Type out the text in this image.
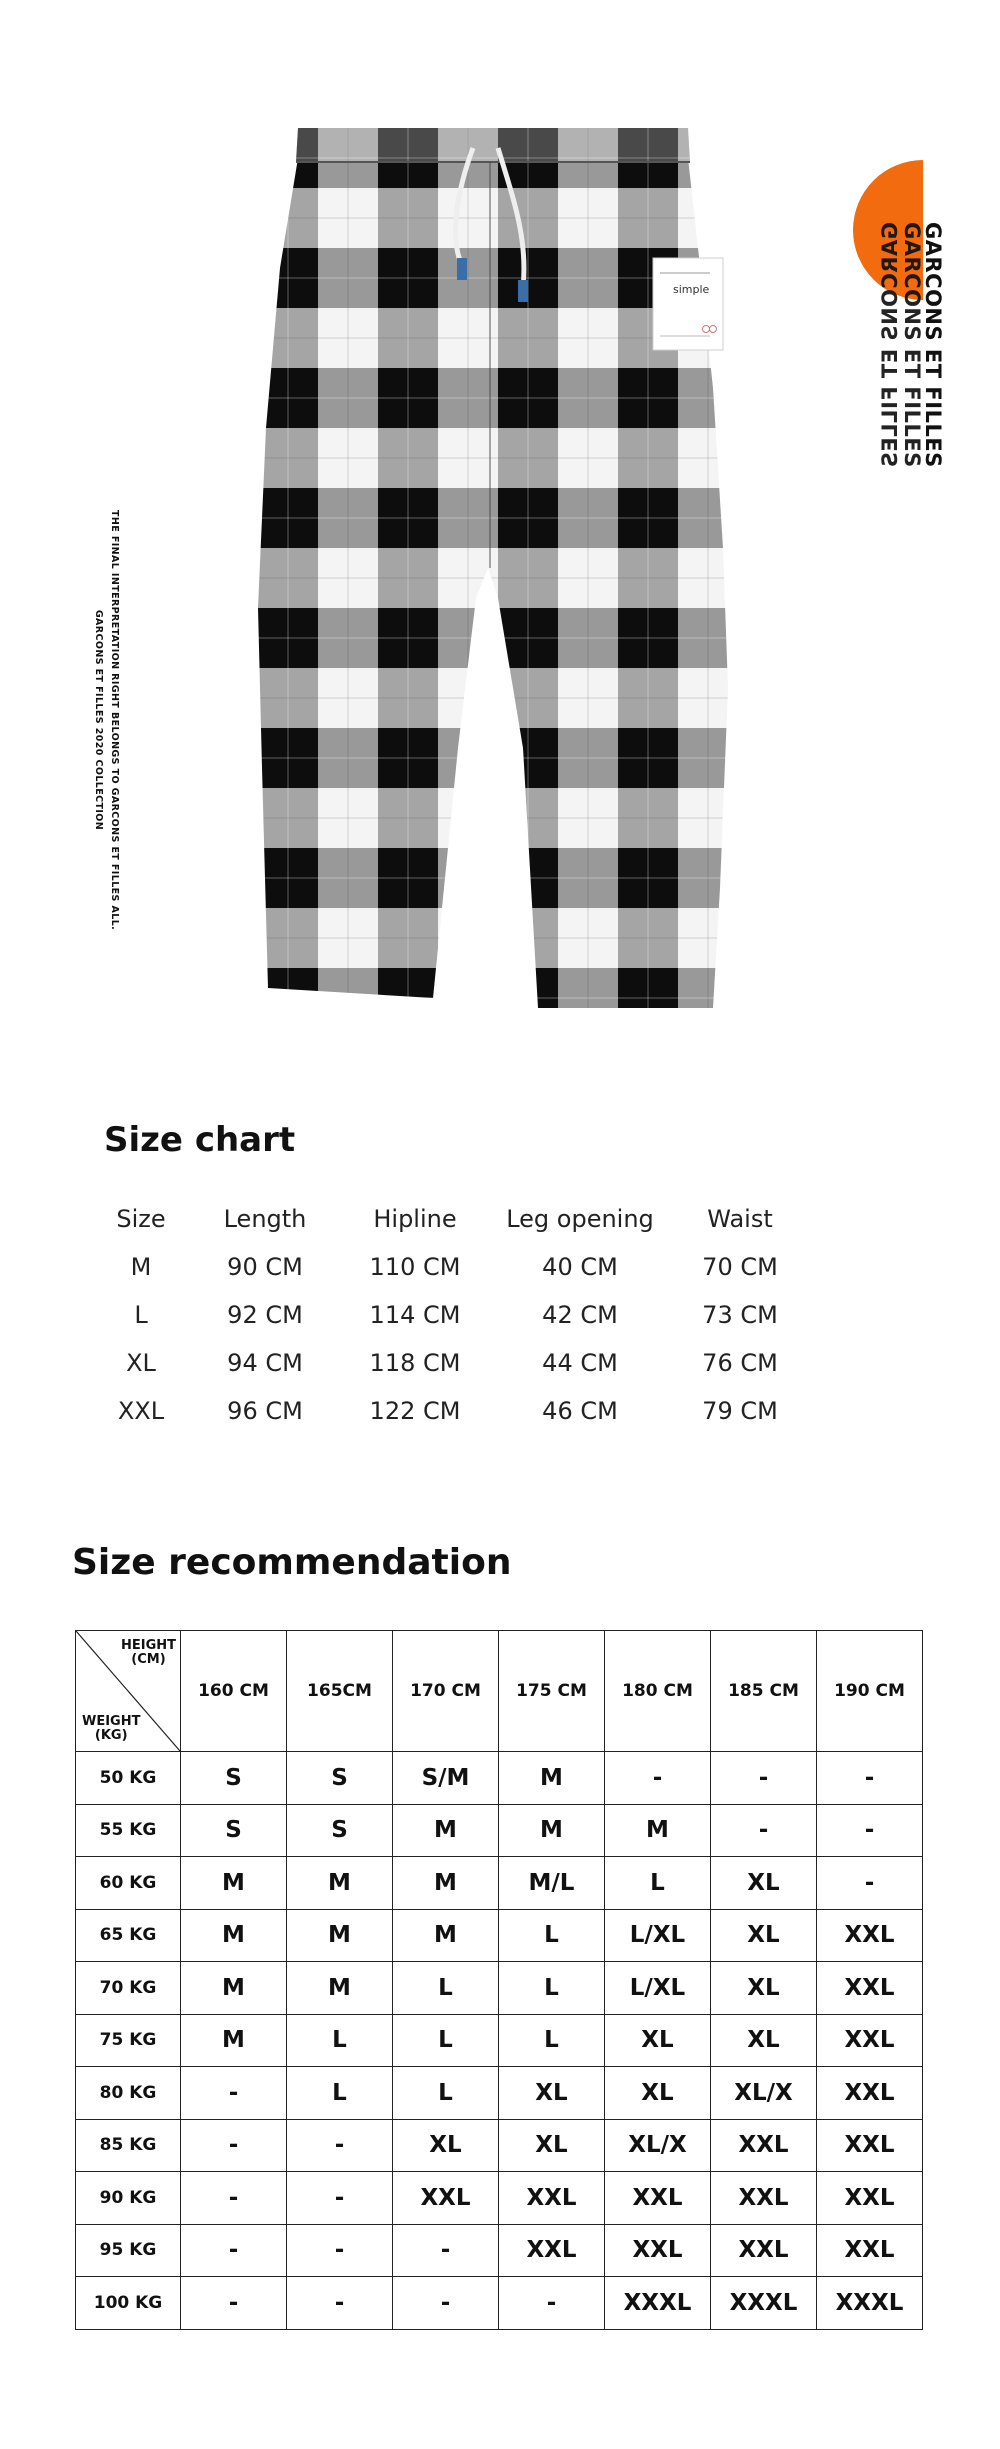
simple
THE FINAL INTERPRETATION RIGHT BELONGS TO GARCONS ET FILLES ALL.
GARCONS ET FILLES 2020 COLLECTION
GARCONS ET FILLES
GARCONS ET FILLES
GARCONS ET FILLES
Size chart
Size	Length	Hipline	Leg opening	Waist
M	90 CM	110 CM	40 CM	70 CM
L	92 CM	114 CM	42 CM	73 CM
XL	94 CM	118 CM	44 CM	76 CM
XXL	96 CM	122 CM	46 CM	79 CM
Size recommendation
HEIGHT
(CM)
WEIGHT
(KG)	160 CM	165CM	170 CM	175 CM	180 CM	185 CM	190 CM
50 KG	S	S	S/M	M	-	-	-
55 KG	S	S	M	M	M	-	-
60 KG	M	M	M	M/L	L	XL	-
65 KG	M	M	M	L	L/XL	XL	XXL
70 KG	M	M	L	L	L/XL	XL	XXL
75 KG	M	L	L	L	XL	XL	XXL
80 KG	-	L	L	XL	XL	XL/X	XXL
85 KG	-	-	XL	XL	XL/X	XXL	XXL
90 KG	-	-	XXL	XXL	XXL	XXL	XXL
95 KG	-	-	-	XXL	XXL	XXL	XXL
100 KG	-	-	-	-	XXXL	XXXL	XXXL
